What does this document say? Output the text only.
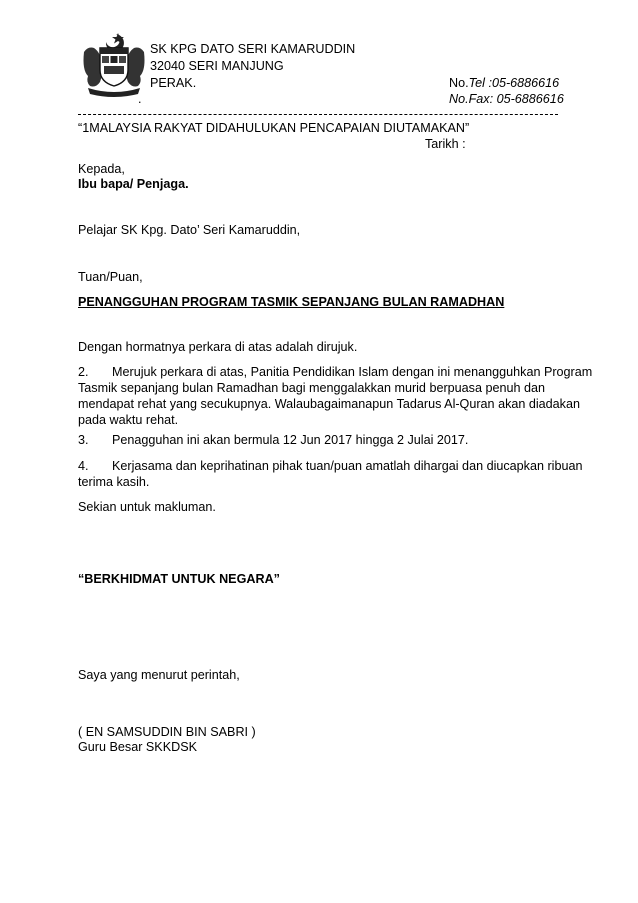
SK KPG DATO SERI KAMARUDDIN
32040 SERI MANJUNG
PERAK.
.
No.Tel :05-6886616
No.Fax: 05-6886616
“1MALAYSIA RAKYAT DIDAHULUKAN PENCAPAIAN DIUTAMAKAN”
Tarikh :
Kepada,
Ibu bapa/ Penjaga.
Pelajar SK Kpg. Dato’ Seri Kamaruddin,
Tuan/Puan,
PENANGGUHAN PROGRAM TASMIK SEPANJANG BULAN RAMADHAN
Dengan hormatnya perkara di atas adalah dirujuk.
2. Merujuk perkara di atas, Panitia Pendidikan Islam dengan ini menangguhkan Program
Tasmik sepanjang bulan Ramadhan bagi menggalakkan murid berpuasa penuh dan
mendapat rehat yang secukupnya. Walaubagaimanapun Tadarus Al-Quran akan diadakan
pada waktu rehat.
3. Penagguhan ini akan bermula 12 Jun 2017 hingga 2 Julai 2017.
4. Kerjasama dan keprihatinan pihak tuan/puan amatlah dihargai dan diucapkan ribuan
terima kasih.
Sekian untuk makluman.
“BERKHIDMAT UNTUK NEGARA”
Saya yang menurut perintah,
( EN SAMSUDDIN BIN SABRI )
Guru Besar SKKDSK
